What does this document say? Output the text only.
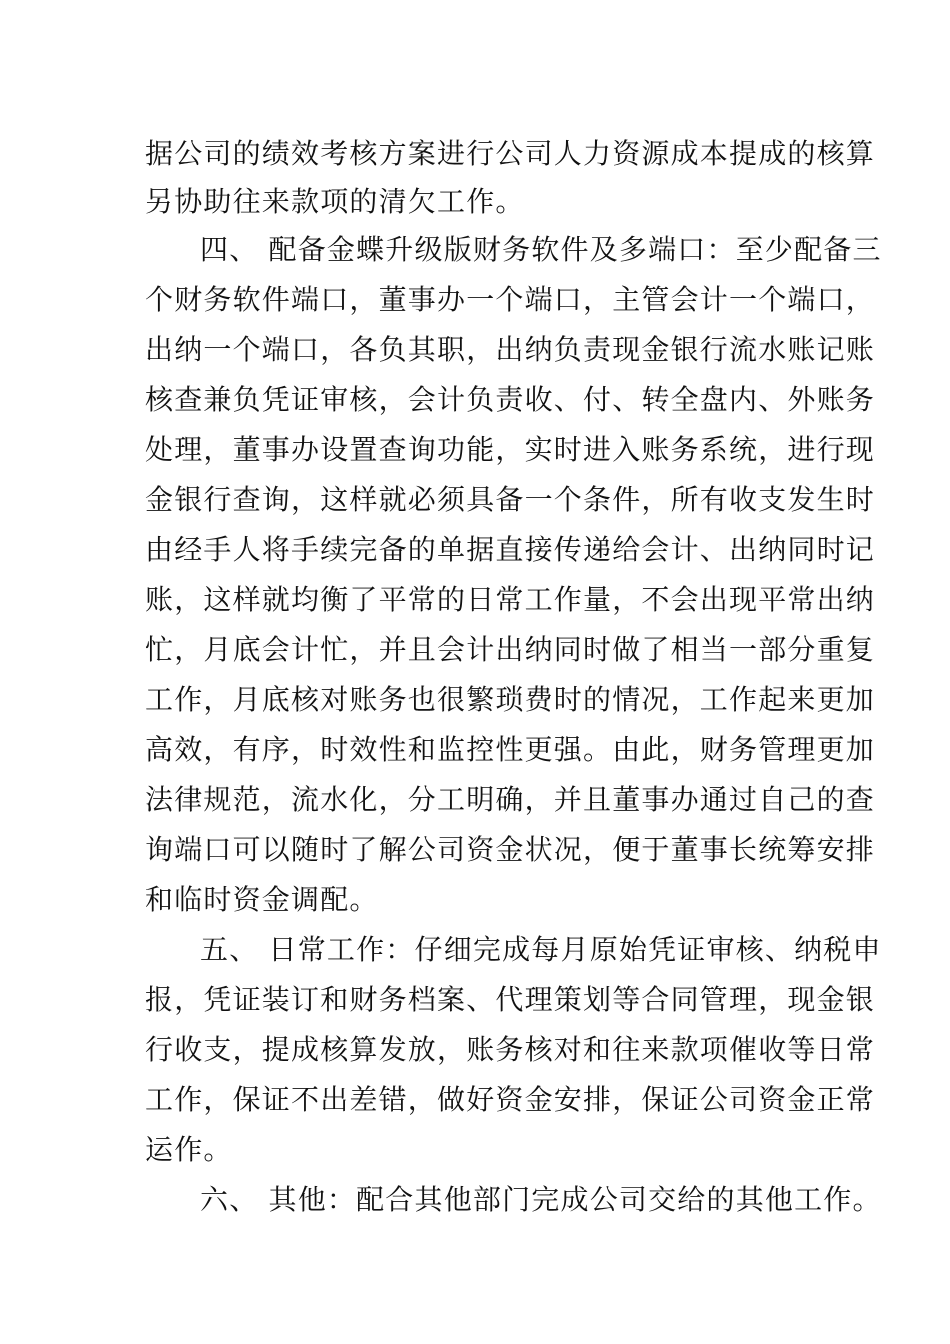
据公司的绩效考核方案进行公司人力资源成本提成的核算

另协助往来款项的清欠工作。

四、 配备金蝶升级版财务软件及多端口：至少配备三

个财务软件端口，董事办一个端口，主管会计一个端口，

出纳一个端口，各负其职，出纳负责现金银行流水账记账

核查兼负凭证审核，会计负责收、付、转全盘内、外账务

处理，董事办设置查询功能，实时进入账务系统，进行现

金银行查询，这样就必须具备一个条件，所有收支发生时

由经手人将手续完备的单据直接传递给会计、出纳同时记

账，这样就均衡了平常的日常工作量，不会出现平常出纳

忙，月底会计忙，并且会计出纳同时做了相当一部分重复

工作，月底核对账务也很繁琐费时的情况，工作起来更加

高效，有序，时效性和监控性更强。由此，财务管理更加

法律规范，流水化，分工明确，并且董事办通过自己的查

询端口可以随时了解公司资金状况，便于董事长统筹安排

和临时资金调配。

五、 日常工作：仔细完成每月原始凭证审核、纳税申

报，凭证装订和财务档案、代理策划等合同管理，现金银

行收支，提成核算发放，账务核对和往来款项催收等日常

工作，保证不出差错，做好资金安排，保证公司资金正常

运作。

六、 其他：配合其他部门完成公司交给的其他工作。
